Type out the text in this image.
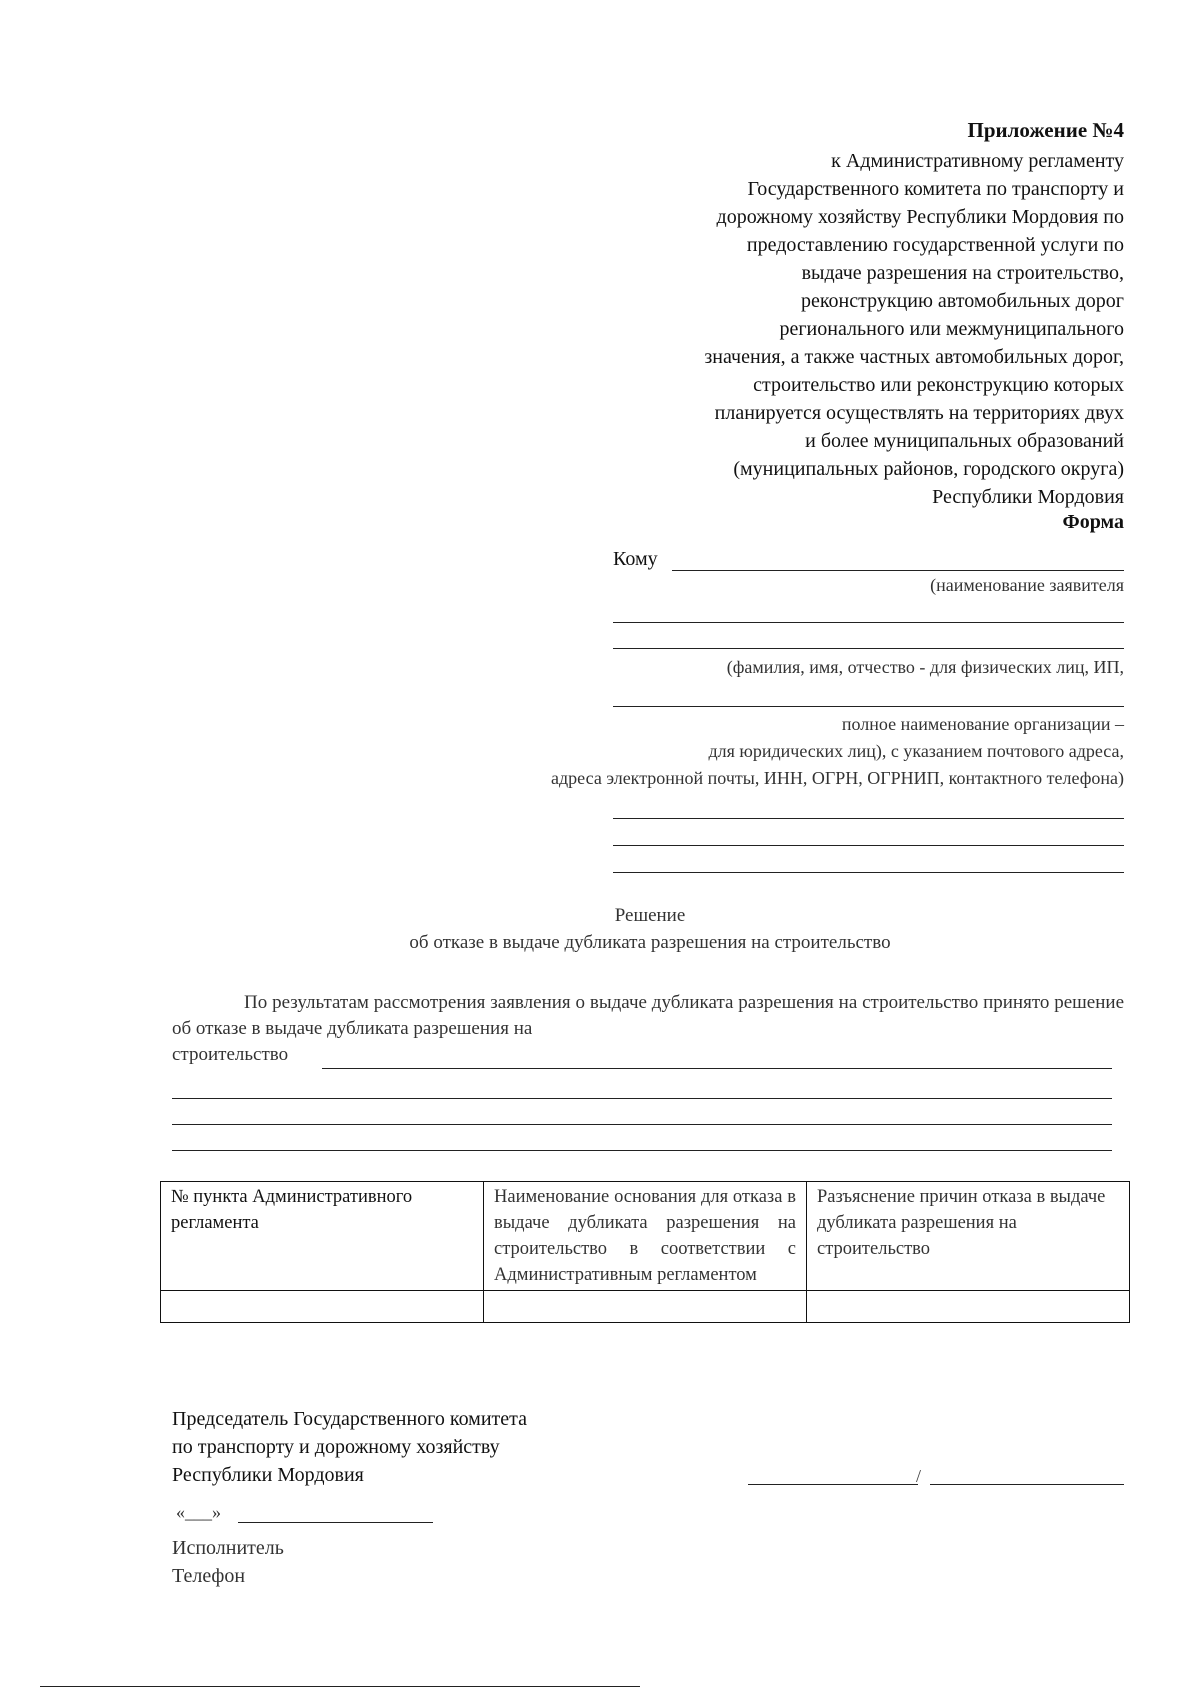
Приложение №4
к Административному регламенту
Государственного комитета по транспорту и
дорожному хозяйству Республики Мордовия по
предоставлению государственной услуги по
выдаче разрешения на строительство,
реконструкцию автомобильных дорог
регионального или межмуниципального
значения, а также частных автомобильных дорог,
строительство или реконструкцию которых
планируется осуществлять на территориях двух
и более муниципальных образований
(муниципальных районов, городского округа)
Республики Мордовия
Форма
Кому
(наименование заявителя
(фамилия, имя, отчество - для физических лиц, ИП,
полное наименование организации –
для юридических лиц), с указанием почтового адреса,
адреса электронной почты, ИНН, ОГРН, ОГРНИП, контактного телефона)
Решение
об отказе в выдаче дубликата разрешения на строительство
По результатам рассмотрения заявления о выдаче дубликата разрешения на строительство принято решение об отказе в выдаче дубликата разрешения на
строительство
№ пункта Административного регламента	Наименование основания для отказа в выдаче дубликата разрешения на строительство в соответствии с Административным регламентом	Разъяснение причин отказа в выдаче дубликата разрешения на строительство

Председатель Государственного комитета
по транспорту и дорожному хозяйству
Республики Мордовия	/
«___»
Исполнитель
Телефон
